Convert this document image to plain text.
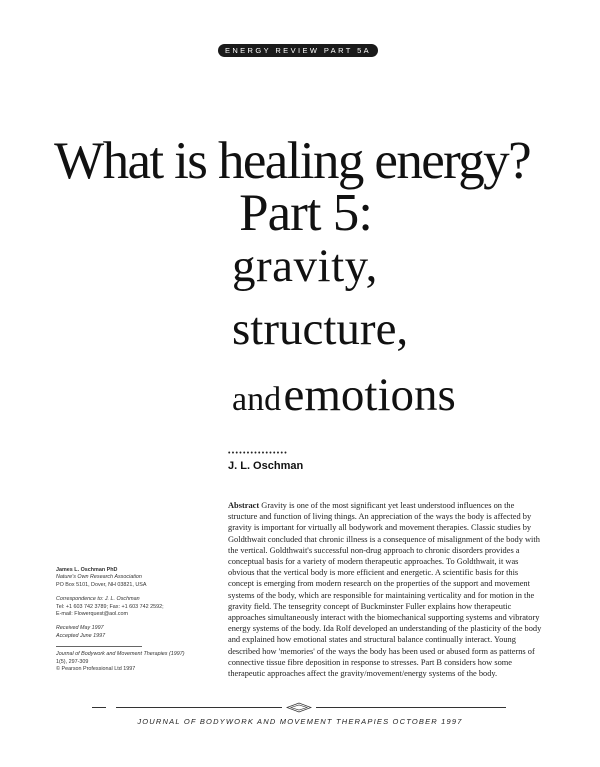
ENERGY REVIEW PART 5A
What is healing energy?
Part 5:
gravity,
structure,
and emotions
••••••••••••••••
J. L. Oschman
Abstract Gravity is one of the most significant yet least understood influences on the structure and function of living things. An appreciation of the ways the body is affected by gravity is important for virtually all bodywork and movement therapies. Classic studies by Goldthwait concluded that chronic illness is a consequence of misalignment of the body with the vertical. Goldthwait's successful non-drug approach to chronic disorders provides a conceptual basis for a variety of modern therapeutic approaches. To Goldthwait, it was obvious that the vertical body is more efficient and energetic. A scientific basis for this concept is emerging from modern research on the properties of the support and movement systems of the body, which are responsible for maintaining verticality and for motion in the gravity field. The tensegrity concept of Buckminster Fuller explains how therapeutic approaches simultaneously interact with the biomechanical supporting systems and vibratory energy systems of the body. Ida Rolf developed an understanding of the plasticity of the body and explained how emotional states and structural balance continually interact. Young described how 'memories' of the ways the body has been used or abused form as patterns of connective tissue fibre deposition in response to stresses. Part B considers how some therapeutic approaches affect the gravity/movement/energy systems of the body.
James L. Oschman PhD
Nature's Own Research Association
PO Box 5101, Dover, NH 03821, USA
Correspondence to: J. L. Oschman
Tel: +1 603 742 3789; Fax: +1 603 742 2592;
E-mail: Flowerquest@aol.com
Received May 1997
Accepted June 1997
Journal of Bodywork and Movement Therapies (1997)
1(5), 297-309
© Pearson Professional Ltd 1997
JOURNAL OF BODYWORK AND MOVEMENT THERAPIES OCTOBER 1997
